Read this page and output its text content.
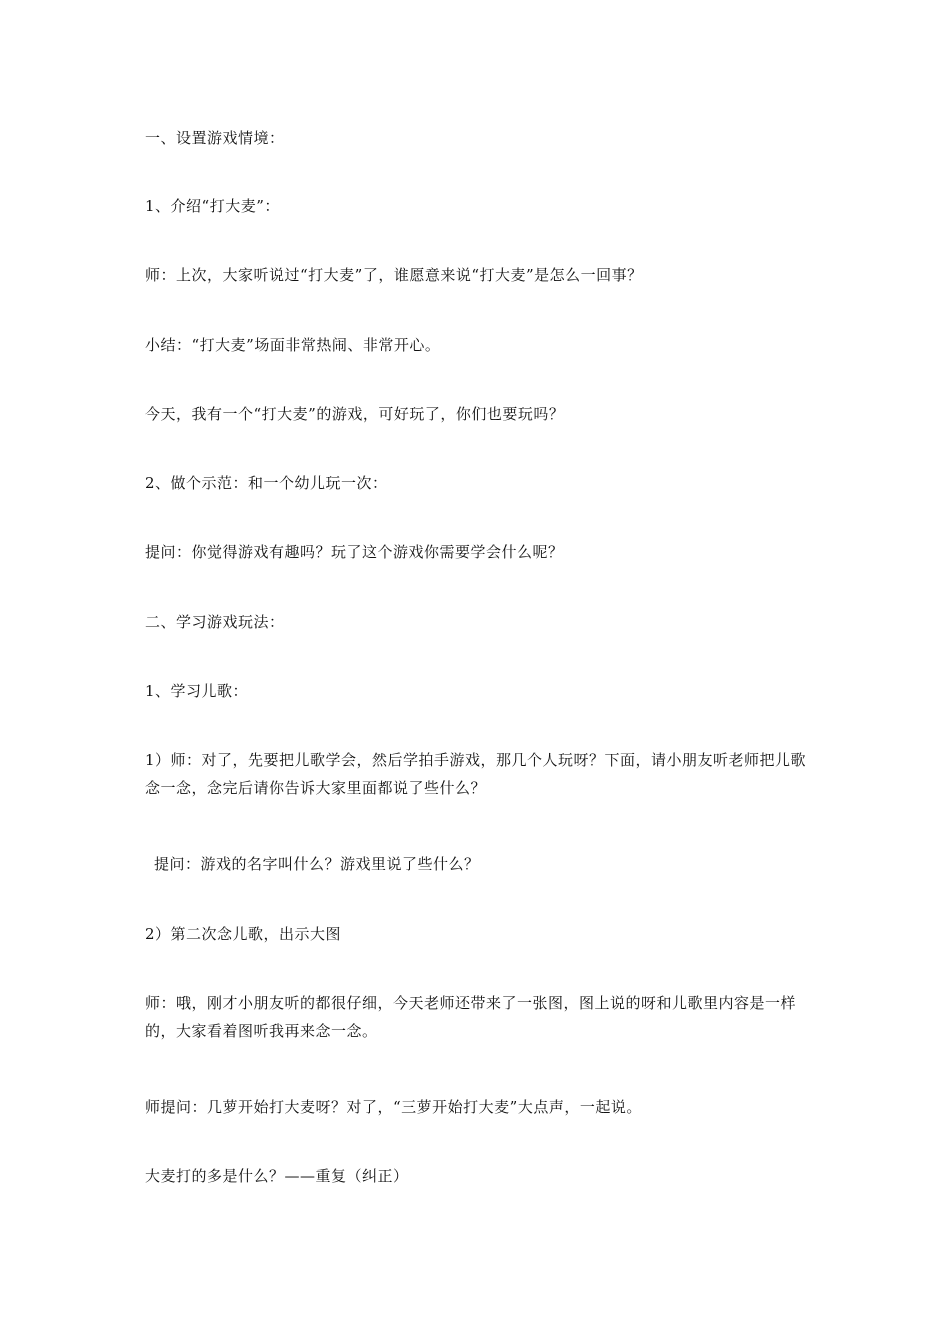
一、设置游戏情境：

1、介绍“打大麦”：

师：上次，大家听说过“打大麦”了，谁愿意来说“打大麦”是怎么一回事？

小结：“打大麦”场面非常热闹、非常开心。

今天，我有一个“打大麦”的游戏，可好玩了，你们也要玩吗？

2、做个示范：和一个幼儿玩一次：

提问：你觉得游戏有趣吗？玩了这个游戏你需要学会什么呢？

二、学习游戏玩法：

1、学习儿歌：

1）师：对了，先要把儿歌学会，然后学拍手游戏，那几个人玩呀？下面，请小朋友听老师把儿歌念一念，念完后请你告诉大家里面都说了些什么？

提问：游戏的名字叫什么？游戏里说了些什么？

2）第二次念儿歌，出示大图

师：哦，刚才小朋友听的都很仔细，今天老师还带来了一张图，图上说的呀和儿歌里内容是一样的，大家看着图听我再来念一念。

师提问：几萝开始打大麦呀？对了，“三萝开始打大麦”大点声，一起说。

大麦打的多是什么？——重复（纠正）
